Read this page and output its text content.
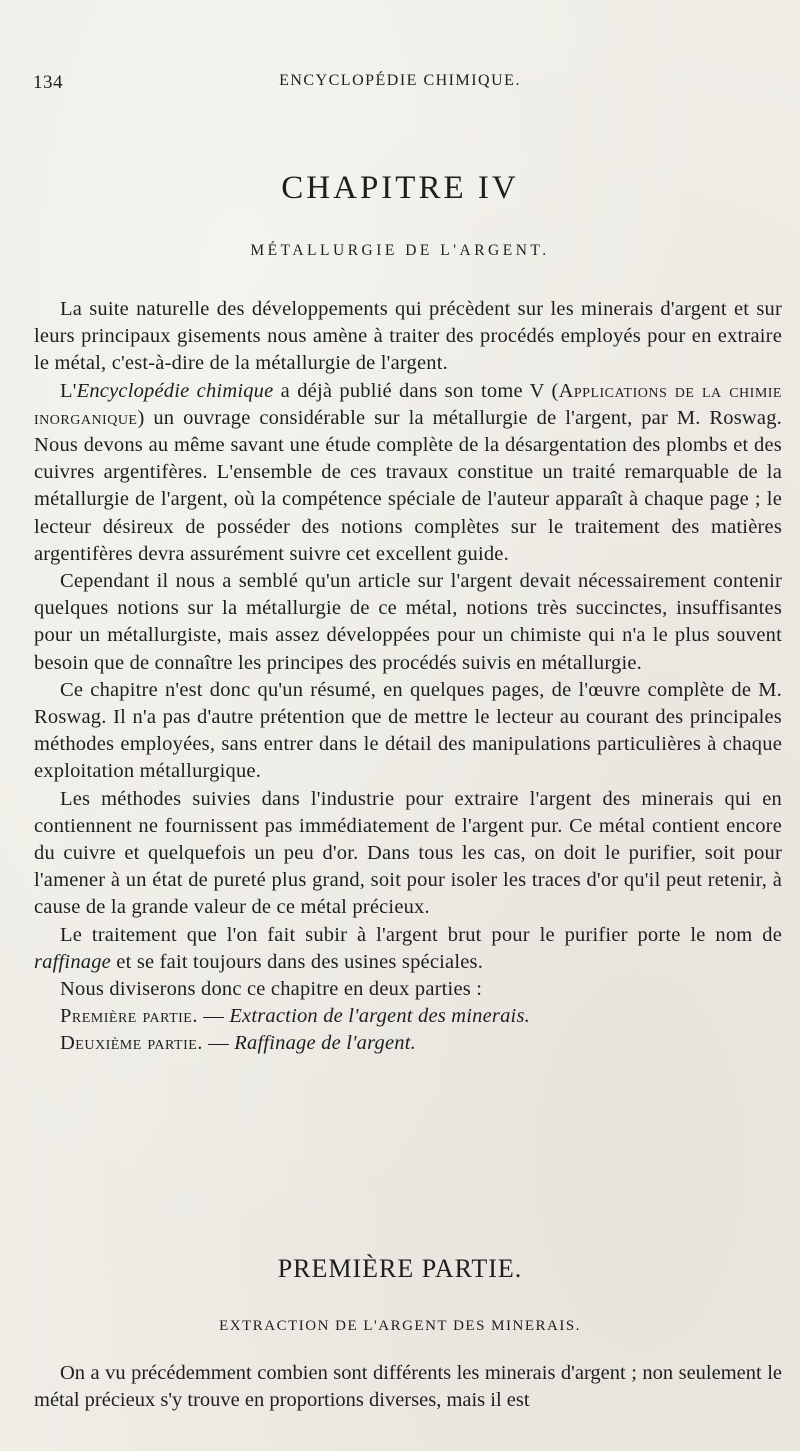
134	ENCYCLOPÉDIE CHIMIQUE.
CHAPITRE IV
MÉTALLURGIE DE L'ARGENT.

La suite naturelle des développements qui précèdent sur les minerais d'argent et sur leurs principaux gisements nous amène à traiter des procédés employés pour en extraire le métal, c'est-à-dire de la métallurgie de l'argent.

L'Encyclopédie chimique a déjà publié dans son tome V (Applications de la chimie inorganique) un ouvrage considérable sur la métallurgie de l'argent, par M. Roswag. Nous devons au même savant une étude complète de la désargentation des plombs et des cuivres argentifères. L'ensemble de ces travaux constitue un traité remarquable de la métallurgie de l'argent, où la compétence spéciale de l'auteur apparaît à chaque page ; le lecteur désireux de posséder des notions complètes sur le traitement des matières argentifères devra assurément suivre cet excellent guide.

Cependant il nous a semblé qu'un article sur l'argent devait nécessairement contenir quelques notions sur la métallurgie de ce métal, notions très succinctes, insuffisantes pour un métallurgiste, mais assez développées pour un chimiste qui n'a le plus souvent besoin que de connaître les principes des procédés suivis en métallurgie.

Ce chapitre n'est donc qu'un résumé, en quelques pages, de l'œuvre complète de M. Roswag. Il n'a pas d'autre prétention que de mettre le lecteur au courant des principales méthodes employées, sans entrer dans le détail des manipulations particulières à chaque exploitation métallurgique.

Les méthodes suivies dans l'industrie pour extraire l'argent des minerais qui en contiennent ne fournissent pas immédiatement de l'argent pur. Ce métal contient encore du cuivre et quelquefois un peu d'or. Dans tous les cas, on doit le purifier, soit pour l'amener à un état de pureté plus grand, soit pour isoler les traces d'or qu'il peut retenir, à cause de la grande valeur de ce métal précieux.

Le traitement que l'on fait subir à l'argent brut pour le purifier porte le nom de raffinage et se fait toujours dans des usines spéciales.

Nous diviserons donc ce chapitre en deux parties :

Première partie. — Extraction de l'argent des minerais.

Deuxième partie. — Raffinage de l'argent.

PREMIÈRE PARTIE.
EXTRACTION DE L'ARGENT DES MINERAIS.

On a vu précédemment combien sont différents les minerais d'argent ; non seulement le métal précieux s'y trouve en proportions diverses, mais il est
